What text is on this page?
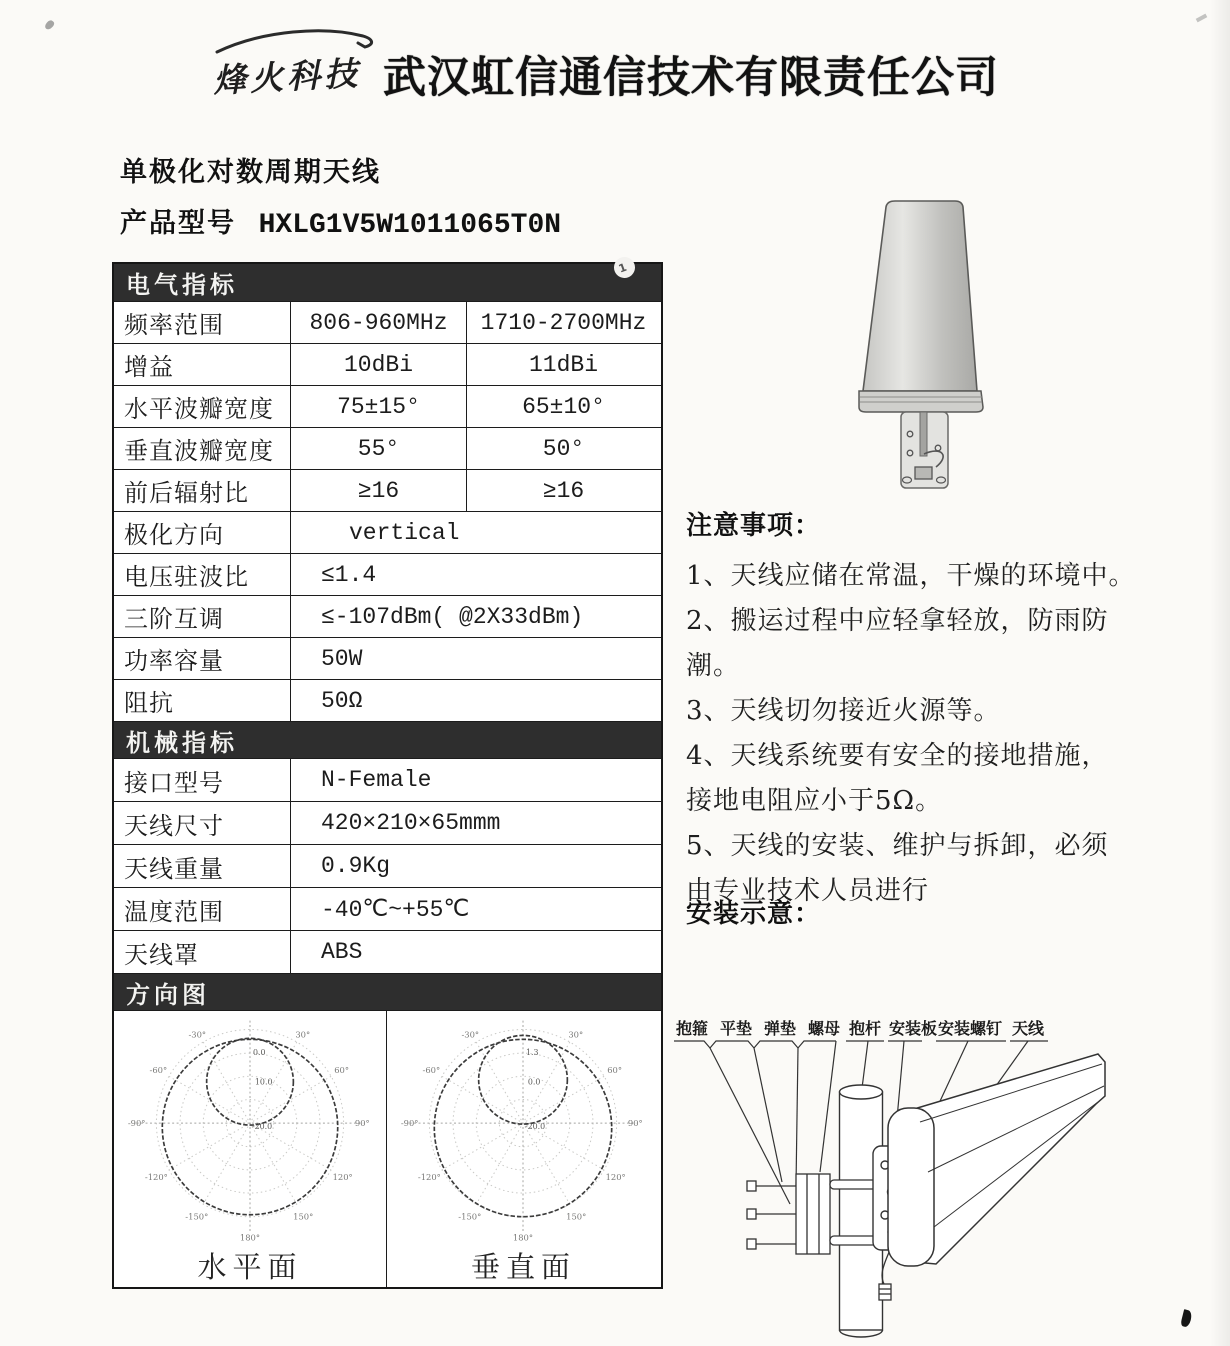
烽火科技 武汉虹信通信技术有限责任公司
单极化对数周期天线
产品型号 HXLG1V5W1011065T0N
电气指标
1
频率范围	806-960MHz	1710-2700MHz
增益	10dBi	11dBi
水平波瓣宽度	75±15°	65±10°
垂直波瓣宽度	55°	50°
前后辐射比	≥16	≥16
极化方向	vertical
电压驻波比	≤1.4
三阶互调	≤-107dBm( @2X33dBm)
功率容量	50W
阻抗	50Ω
机械指标
接口型号	N-Female
天线尺寸	420×210×65mmm
天线重量	0.9Kg
温度范围	-40℃~+55℃
天线罩	ABS
方向图
-30°	30°
-60°	60°
-90°	90°
-120°	120°
-150°	150°
180°
0.0
10.0
-20.0
水平面
-30°	30°
-60°	60°
-90°	90°
-120°	120°
-150°	150°
180°
1.3
0.0
-20.0
垂直面
注意事项：
1、天线应储在常温，干燥的环境中。
2、搬运过程中应轻拿轻放，防雨防
潮。
3、天线切勿接近火源等。
4、天线系统要有安全的接地措施，
接地电阻应小于5Ω。
5、天线的安装、维护与拆卸，必须
由专业技术人员进行
安装示意：
抱箍 平垫 弹垫 螺母 抱杆 安装板 安装螺钉 天线
